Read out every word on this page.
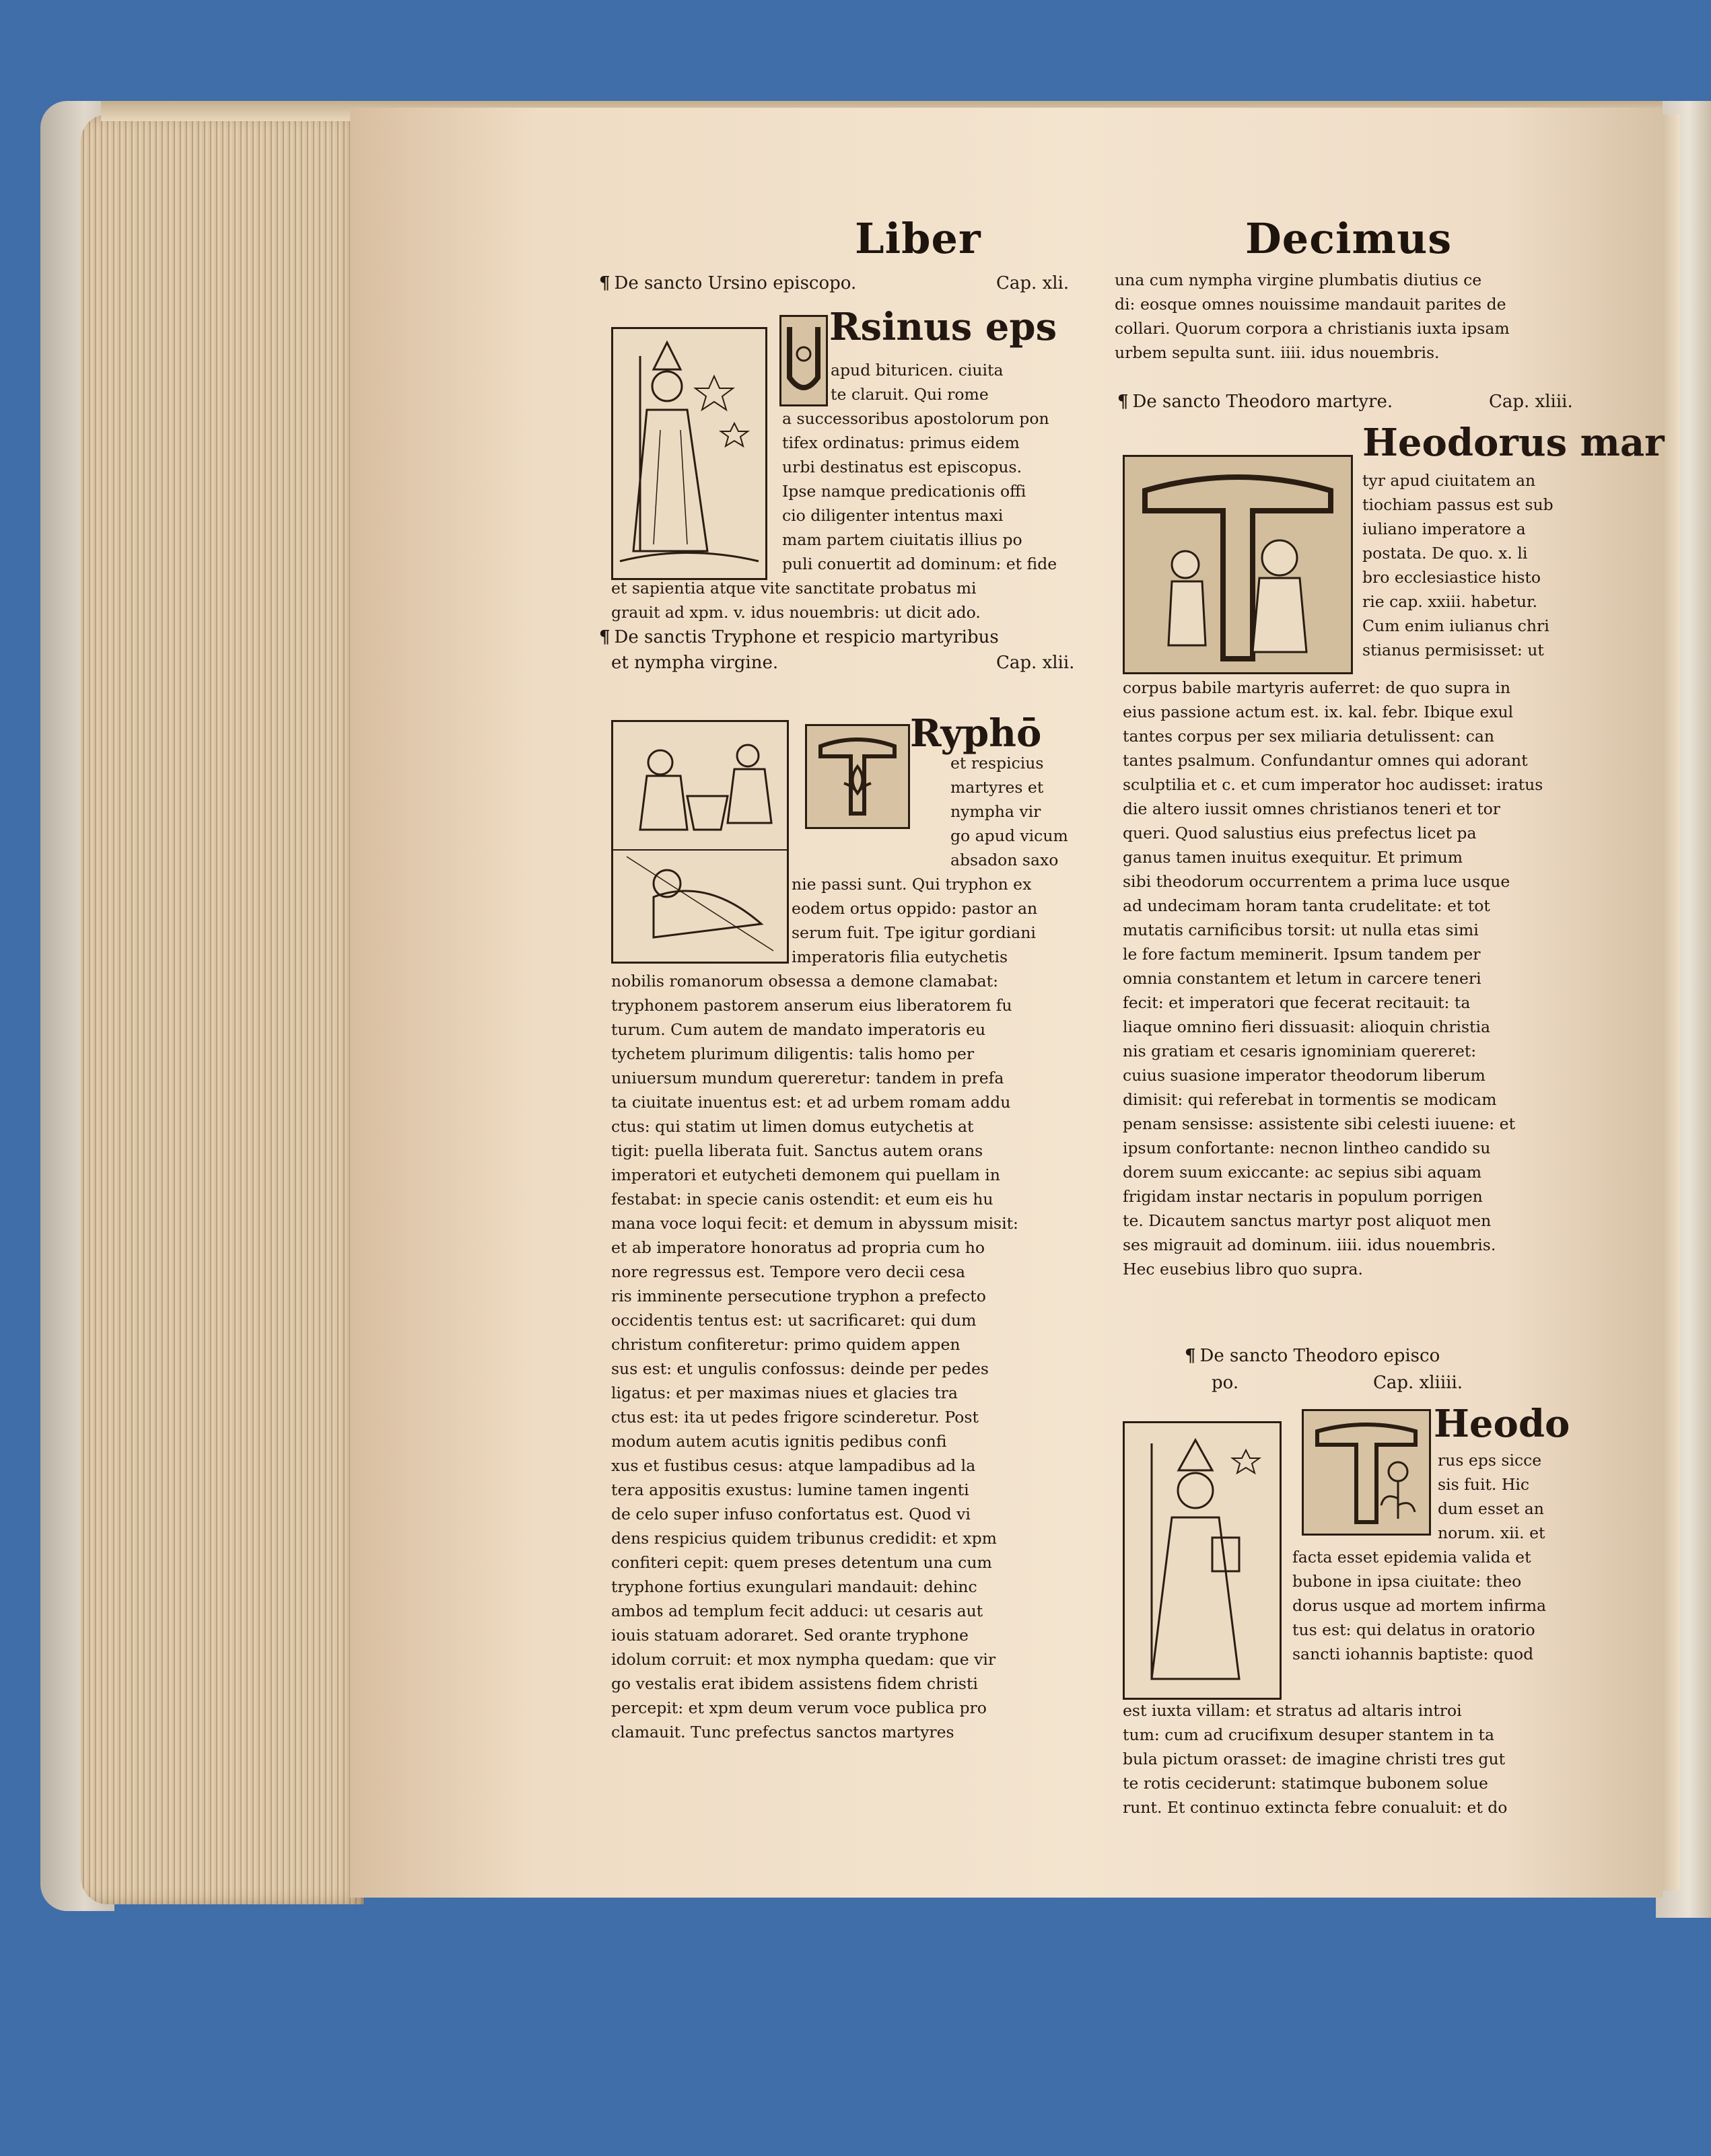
Liber	Decimus
¶ De sancto Ursino episcopo.	Cap. xli.
Rsinus eps
apud bituricen. ciuita
te claruit. Qui rome
a successoribus apostolorum pon
tifex ordinatus: primus eidem
urbi destinatus est episcopus.
Ipse namque predicationis offi
cio diligenter intentus maxi
mam partem ciuitatis illius po
puli conuertit ad dominum: et fide
et sapientia atque vite sanctitate probatus mi
grauit ad xpm. v. idus nouembris: ut dicit ado.
¶ De sanctis Tryphone et respicio martyribus
et nympha virgine.	Cap. xlii.
Ryphō
et respicius
martyres et
nympha vir
go apud vicum
absadon saxo
nie passi sunt. Qui tryphon ex
eodem ortus oppido: pastor an
serum fuit. Tpe igitur gordiani
imperatoris filia eutychetis
nobilis romanorum obsessa a demone clamabat:
tryphonem pastorem anserum eius liberatorem fu
turum. Cum autem de mandato imperatoris eu
tychetem plurimum diligentis: talis homo per
uniuersum mundum quereretur: tandem in prefa
ta ciuitate inuentus est: et ad urbem romam addu
ctus: qui statim ut limen domus eutychetis at
tigit: puella liberata fuit. Sanctus autem orans
imperatori et eutycheti demonem qui puellam in
festabat: in specie canis ostendit: et eum eis hu
mana voce loqui fecit: et demum in abyssum misit:
et ab imperatore honoratus ad propria cum ho
nore regressus est. Tempore vero decii cesa
ris imminente persecutione tryphon a prefecto
occidentis tentus est: ut sacrificaret: qui dum
christum confiteretur: primo quidem appen
sus est: et ungulis confossus: deinde per pedes
ligatus: et per maximas niues et glacies tra
ctus est: ita ut pedes frigore scinderetur. Post
modum autem acutis ignitis pedibus confi
xus et fustibus cesus: atque lampadibus ad la
tera appositis exustus: lumine tamen ingenti
de celo super infuso confortatus est. Quod vi
dens respicius quidem tribunus credidit: et xpm
confiteri cepit: quem preses detentum una cum
tryphone fortius exungulari mandauit: dehinc
ambos ad templum fecit adduci: ut cesaris aut
iouis statuam adoraret. Sed orante tryphone
idolum corruit: et mox nympha quedam: que vir
go vestalis erat ibidem assistens fidem christi
percepit: et xpm deum verum voce publica pro
clamauit. Tunc prefectus sanctos martyres
una cum nympha virgine plumbatis diutius ce
di: eosque omnes nouissime mandauit parites de
collari. Quorum corpora a christianis iuxta ipsam
urbem sepulta sunt. iiii. idus nouembris.
¶ De sancto Theodoro martyre.	Cap. xliii.
Heodorus mar
tyr apud ciuitatem an
tiochiam passus est sub
iuliano imperatore a
postata. De quo. x. li
bro ecclesiastice histo
rie cap. xxiii. habetur.
Cum enim iulianus chri
stianus permisisset: ut
corpus babile martyris auferret: de quo supra in
eius passione actum est. ix. kal. febr. Ibique exul
tantes corpus per sex miliaria detulissent: can
tantes psalmum. Confundantur omnes qui adorant
sculptilia et c. et cum imperator hoc audisset: iratus
die altero iussit omnes christianos teneri et tor
queri. Quod salustius eius prefectus licet pa
ganus tamen inuitus exequitur. Et primum
sibi theodorum occurrentem a prima luce usque
ad undecimam horam tanta crudelitate: et tot
mutatis carnificibus torsit: ut nulla etas simi
le fore factum meminerit. Ipsum tandem per
omnia constantem et letum in carcere teneri
fecit: et imperatori que fecerat recitauit: ta
liaque omnino fieri dissuasit: alioquin christia
nis gratiam et cesaris ignominiam quereret:
cuius suasione imperator theodorum liberum
dimisit: qui referebat in tormentis se modicam
penam sensisse: assistente sibi celesti iuuene: et
ipsum confortante: necnon lintheo candido su
dorem suum exiccante: ac sepius sibi aquam
frigidam instar nectaris in populum porrigen
te. Dicautem sanctus martyr post aliquot men
ses migrauit ad dominum. iiii. idus nouembris.
Hec eusebius libro quo supra.
¶ De sancto Theodoro episco
po.	Cap. xliiii.
Heodo
rus eps sicce
sis fuit. Hic
dum esset an
norum. xii. et
facta esset epidemia valida et
bubone in ipsa ciuitate: theo
dorus usque ad mortem infirma
tus est: qui delatus in oratorio
sancti iohannis baptiste: quod
est iuxta villam: et stratus ad altaris introi
tum: cum ad crucifixum desuper stantem in ta
bula pictum orasset: de imagine christi tres gut
te rotis ceciderunt: statimque bubonem solue
runt. Et continuo extincta febre conualuit: et do
